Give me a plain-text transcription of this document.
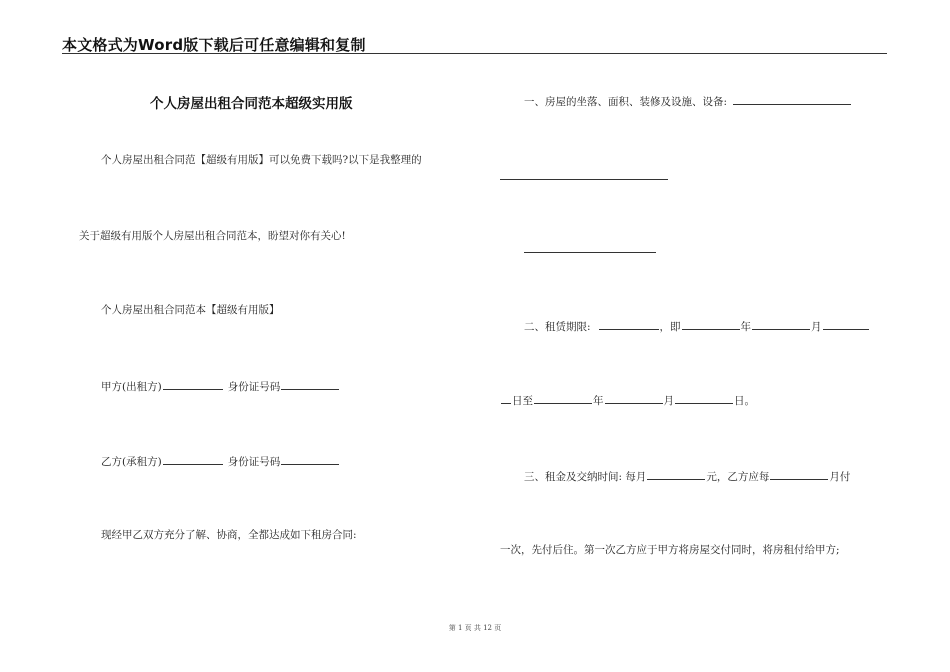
本文格式为Word版下载后可任意编辑和复制
个人房屋出租合同范本超级实用版
个人房屋出租合同范【超级有用版】可以免费下载吗?以下是我整理的
关于超级有用版个人房屋出租合同范本，盼望对你有关心!
个人房屋出租合同范本【超级有用版】
甲方(出租方)	身份证号码
乙方(承租方)	身份证号码
现经甲乙双方充分了解、协商，全都达成如下租房合同:
一、房屋的坐落、面积、装修及设施、设备:
二、租赁期限:	，即	年	月
日至	年	月	日。
三、租金及交纳时间: 每月	元，乙方应每	月付
一次，先付后住。第一次乙方应于甲方将房屋交付同时，将房租付给甲方;
第 1 页 共 12 页
